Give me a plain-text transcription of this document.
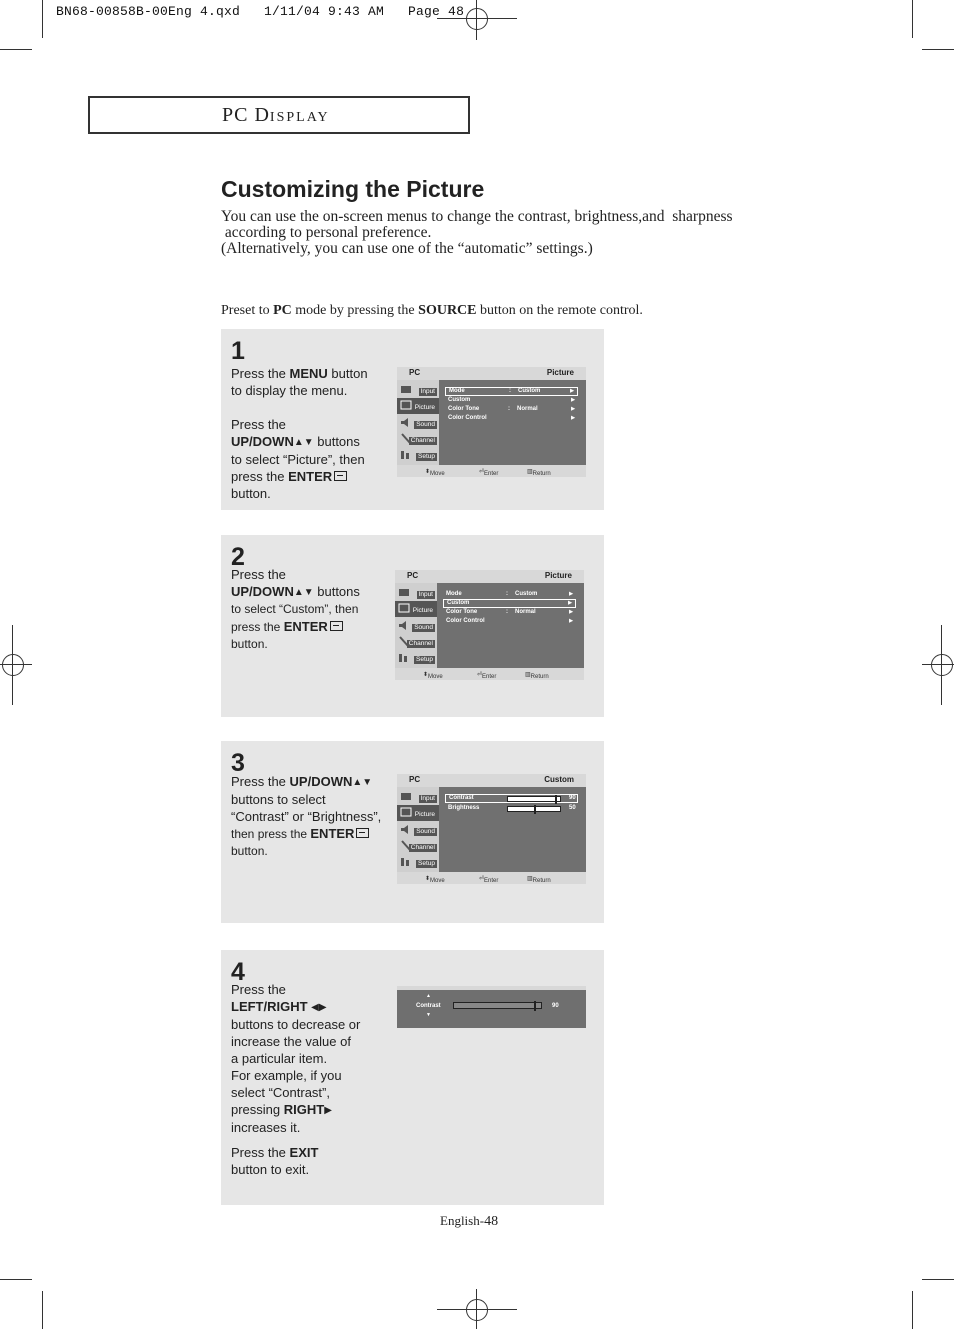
BN68-00858B-00Eng 4.qxd   1/11/04 9:43 AM   Page 48
PC DISPLAY
Customizing the Picture
You can use the on-screen menus to change the contrast, brightness,and  sharpness
according to personal preference.
(Alternatively, you can use one of the “automatic” settings.)
Preset to PC mode by pressing the SOURCE button on the remote control.
1

Press the MENU button

to display the menu.

Press the

UP/DOWN▲▼ buttons

to select “Picture”, then

press the ENTER

button.

PC	Picture
Input
Picture
Sound
Channel
Setup
Mode	: Custom	▶
Custom	▶
Color Tone	: Normal	▶
Color Control	▶
⬍ Move	⏎ Enter	▥ Return
2

Press the

UP/DOWN▲▼ buttons

to select “Custom”, then

press the ENTER

button.

PC	Picture
Input
Picture
Sound
Channel
Setup
Mode	: Custom	▶
Custom	▶
Color Tone	: Normal	▶
Color Control	▶
⬍ Move	⏎ Enter	▥ Return
3

Press the UP/DOWN▲▼

buttons to select

“Contrast” or “Brightness”,

then press the ENTER

button.

PC	Custom
Input
Picture
Sound
Channel
Setup
Contrast	90
Brightness	50
⬍ Move	⏎ Enter	▥ Return
4

Press the

LEFT/RIGHT ◀▶

buttons to decrease or

increase the value of

a particular item.

For example, if you

select “Contrast”,

pressing RIGHT▶

increases it.

Press the EXIT

button to exit.

▲
Contrast
▼
90
English-48
